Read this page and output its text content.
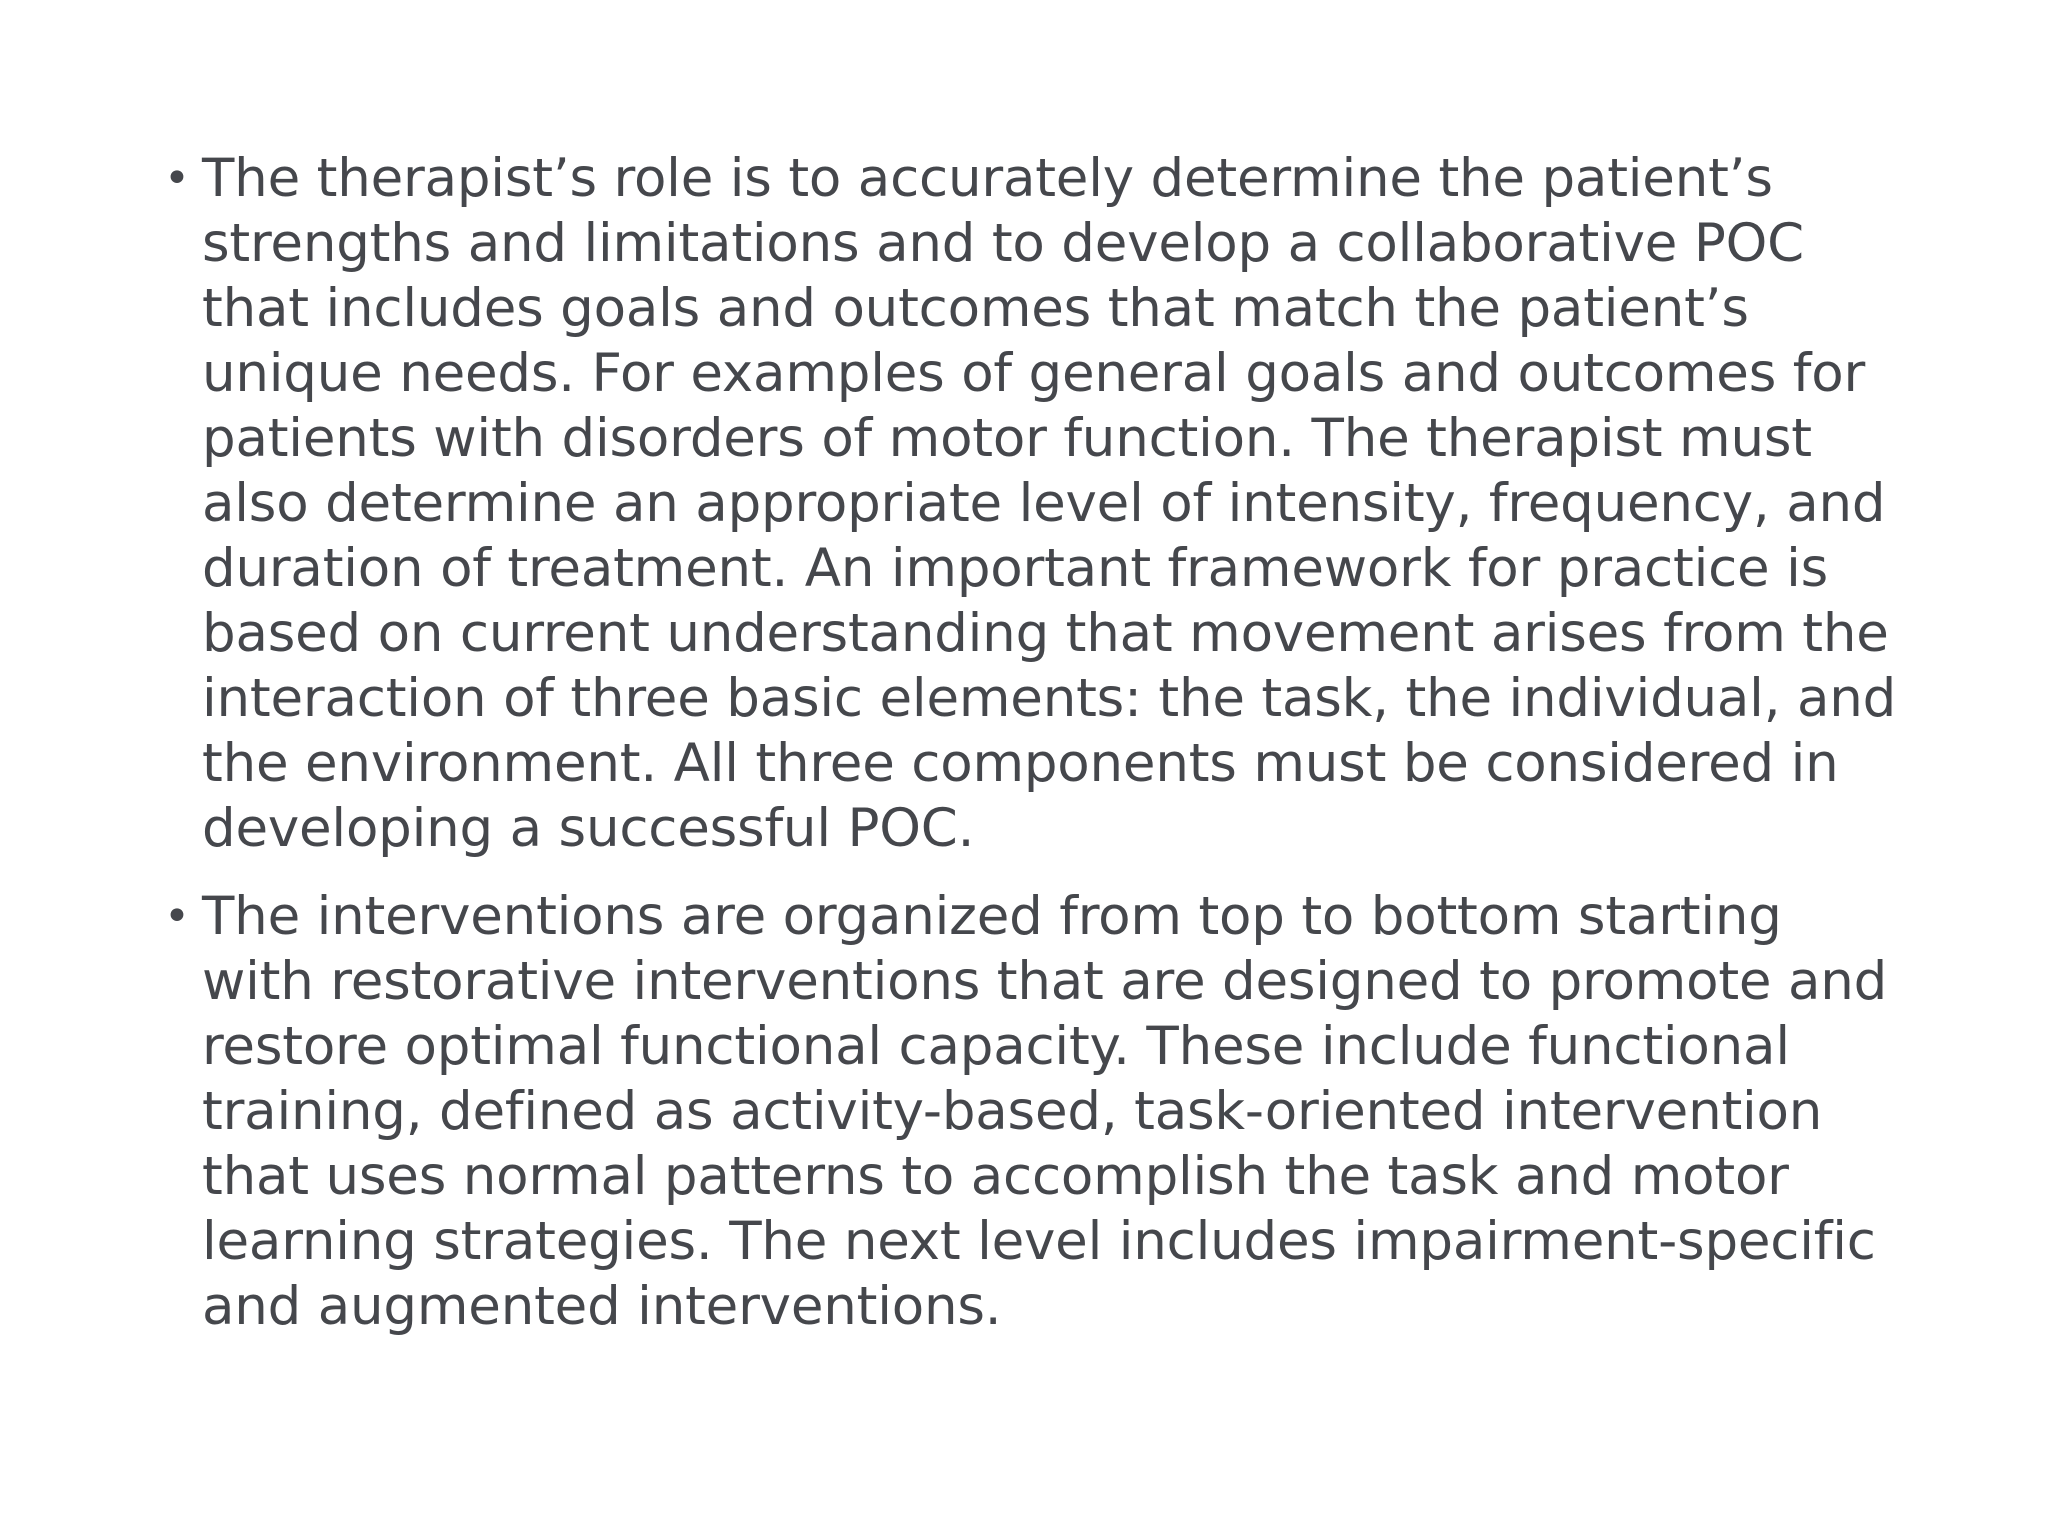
• The therapist’s role is to accurately determine the patient’s strengths and limitations and to develop a collaborative POC that includes goals and outcomes that match the patient’s unique needs. For examples of general goals and outcomes for patients with disorders of motor function. The therapist must also determine an appropriate level of intensity, frequency, and duration of treatment. An important framework for practice is based on current understanding that movement arises from the interaction of three basic elements: the task, the individual, and the environment. All three components must be considered in developing a successful POC.
• The interventions are organized from top to bottom starting with restorative interventions that are designed to promote and restore optimal functional capacity. These include functional training, defined as activity-based, task-oriented intervention that uses normal patterns to accomplish the task and motor learning strategies. The next level includes impairment-specific and augmented interventions.
